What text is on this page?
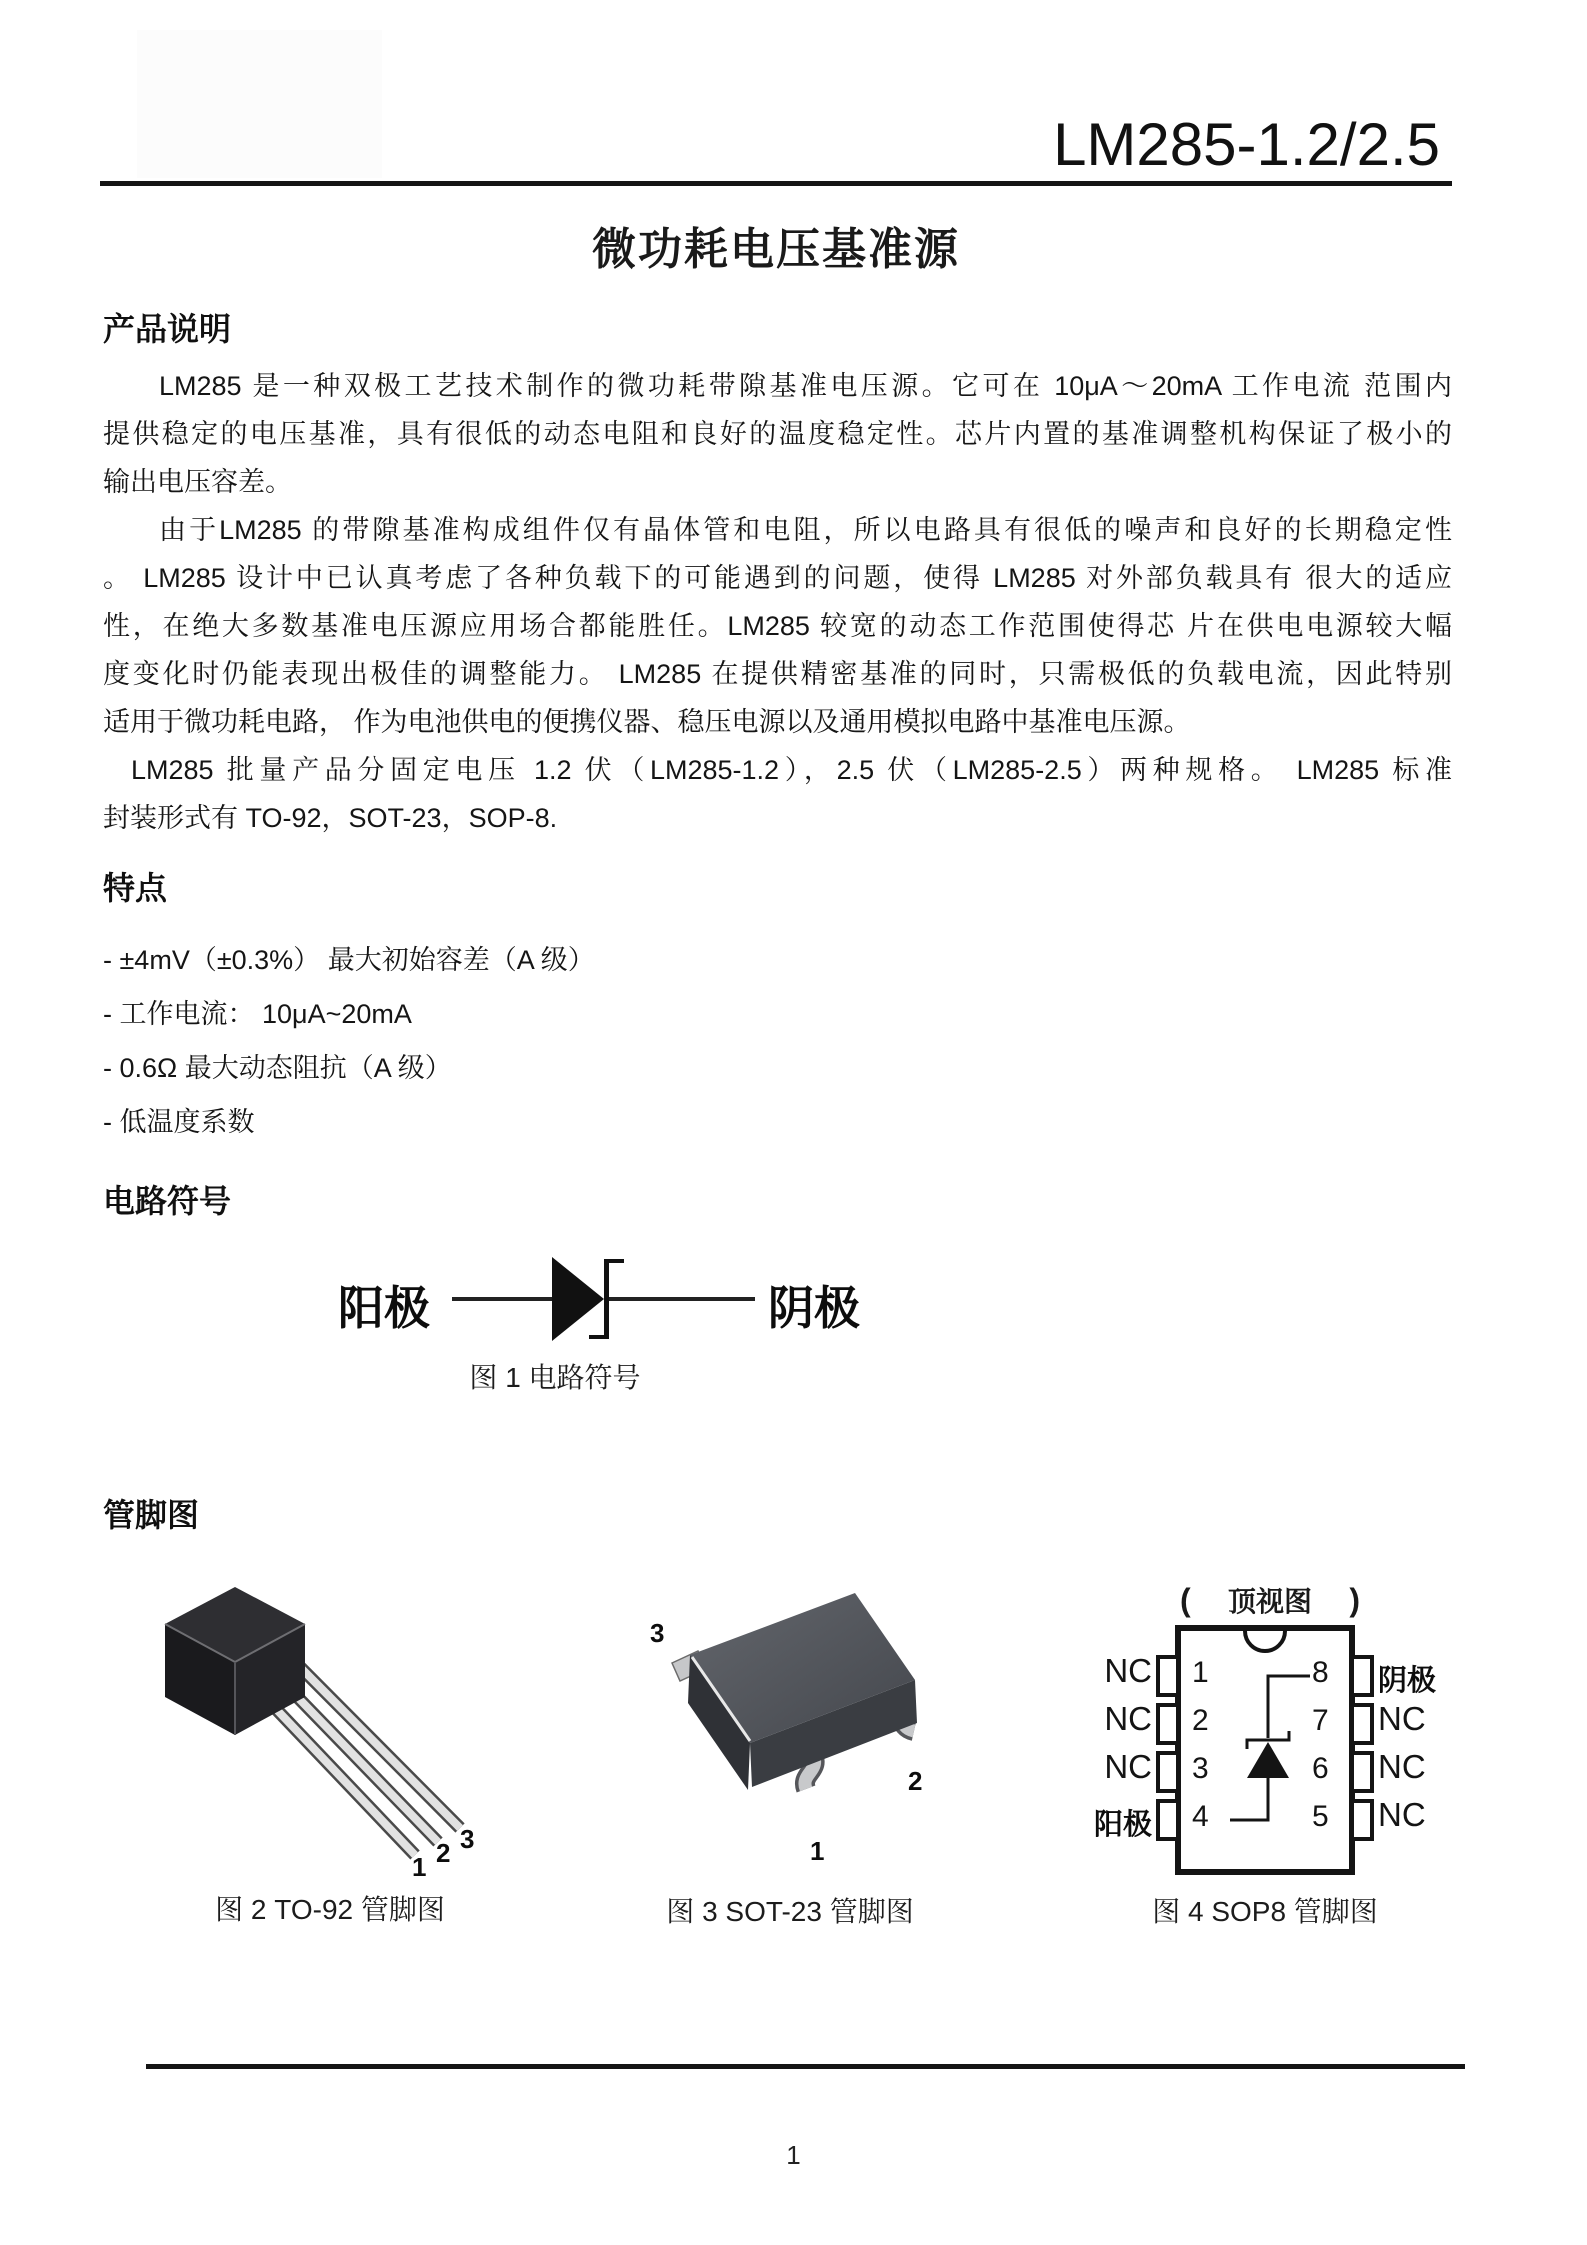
LM285-1.2/2.5
微功耗电压基准源
产品说明
LM285 是一种双极工艺技术制作的微功耗带隙基准电压源。它可在 10μA～20mA 工作电流 范围内
提供稳定的电压基准，具有很低的动态电阻和良好的温度稳定性。芯片内置的基准调整机构保证了极小的
输出电压容差。
由于LM285 的带隙基准构成组件仅有晶体管和电阻，所以电路具有很低的噪声和良好的长期稳定性
。 LM285 设计中已认真考虑了各种负载下的可能遇到的问题，使得 LM285 对外部负载具有 很大的适应
性，在绝大多数基准电压源应用场合都能胜任。LM285 较宽的动态工作范围使得芯 片在供电电源较大幅
度变化时仍能表现出极佳的调整能力。 LM285 在提供精密基准的同时，只需极低的负载电流，因此特别
适用于微功耗电路， 作为电池供电的便携仪器、稳压电源以及通用模拟电路中基准电压源。
LM285 批量产品分固定电压 1.2 伏（LM285-1.2），2.5 伏（LM285-2.5）两种规格。 LM285 标准
封装形式有 TO-92，SOT-23，SOP-8.
特点
- ±4mV（±0.3%） 最大初始容差（A 级）
- 工作电流： 10μA~20mA
- 0.6Ω 最大动态阻抗（A 级）
- 低温度系数
电路符号
阳极	阴极
图 1 电路符号
管脚图
1 2 3
图 2 TO-92 管脚图
3
1
2
图 3 SOT-23 管脚图
( 顶视图 )
1
2
3
4
8
7
6
5
NC
NC
NC
阳极
阴极
NC
NC
NC
图 4 SOP8 管脚图
1
